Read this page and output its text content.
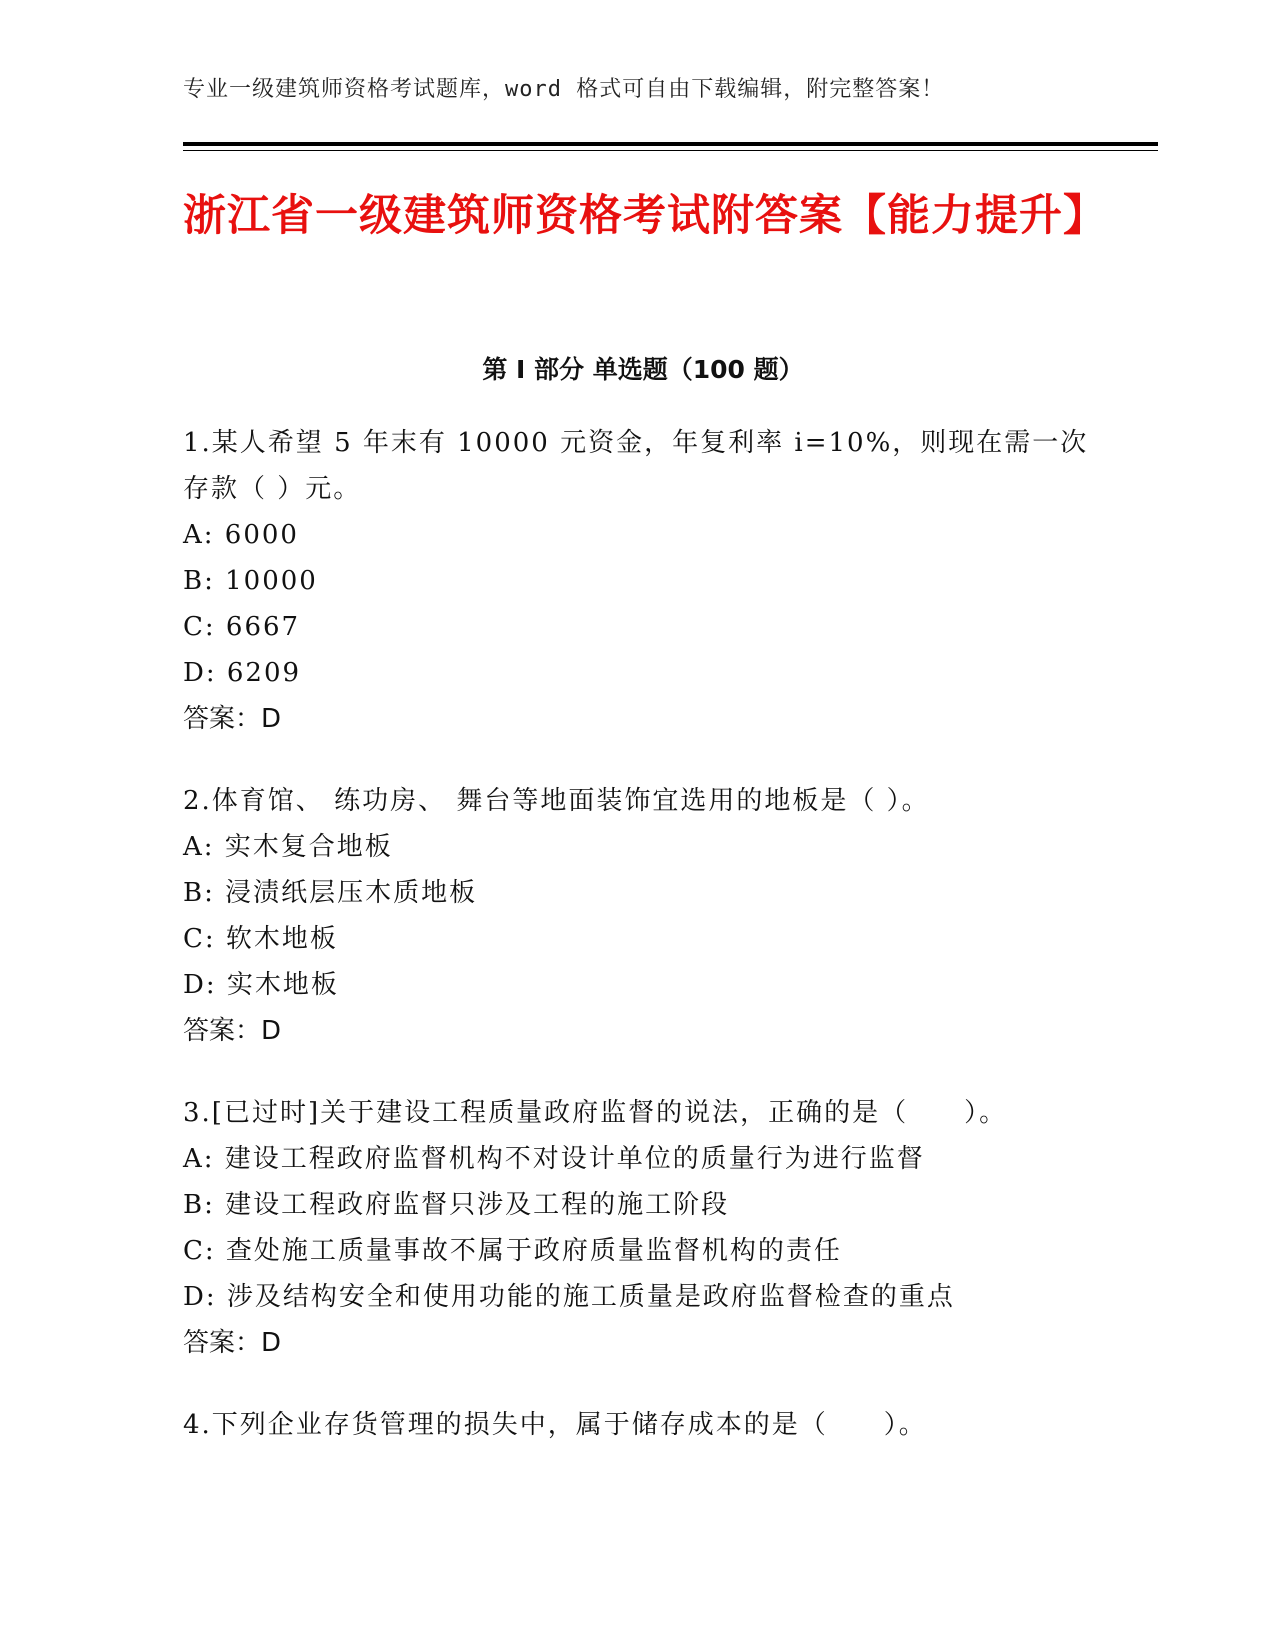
专业一级建筑师资格考试题库，word 格式可自由下载编辑，附完整答案！
浙江省一级建筑师资格考试附答案【能力提升】
第 I 部分 单选题（100 题）

1.某人希望 5 年末有 10000 元资金，年复利率 i=10%，则现在需一次存款（ ）元。

A: 6000

B: 10000

C: 6667

D: 6209

答案：D

2.体育馆、 练功房、 舞台等地面装饰宜选用的地板是（ ）。

A: 实木复合地板

B: 浸渍纸层压木质地板

C: 软木地板

D: 实木地板

答案：D

3.[已过时]关于建设工程质量政府监督的说法，正确的是（　　）。

A: 建设工程政府监督机构不对设计单位的质量行为进行监督

B: 建设工程政府监督只涉及工程的施工阶段

C: 查处施工质量事故不属于政府质量监督机构的责任

D: 涉及结构安全和使用功能的施工质量是政府监督检查的重点

答案：D

4.下列企业存货管理的损失中，属于储存成本的是（　　）。
